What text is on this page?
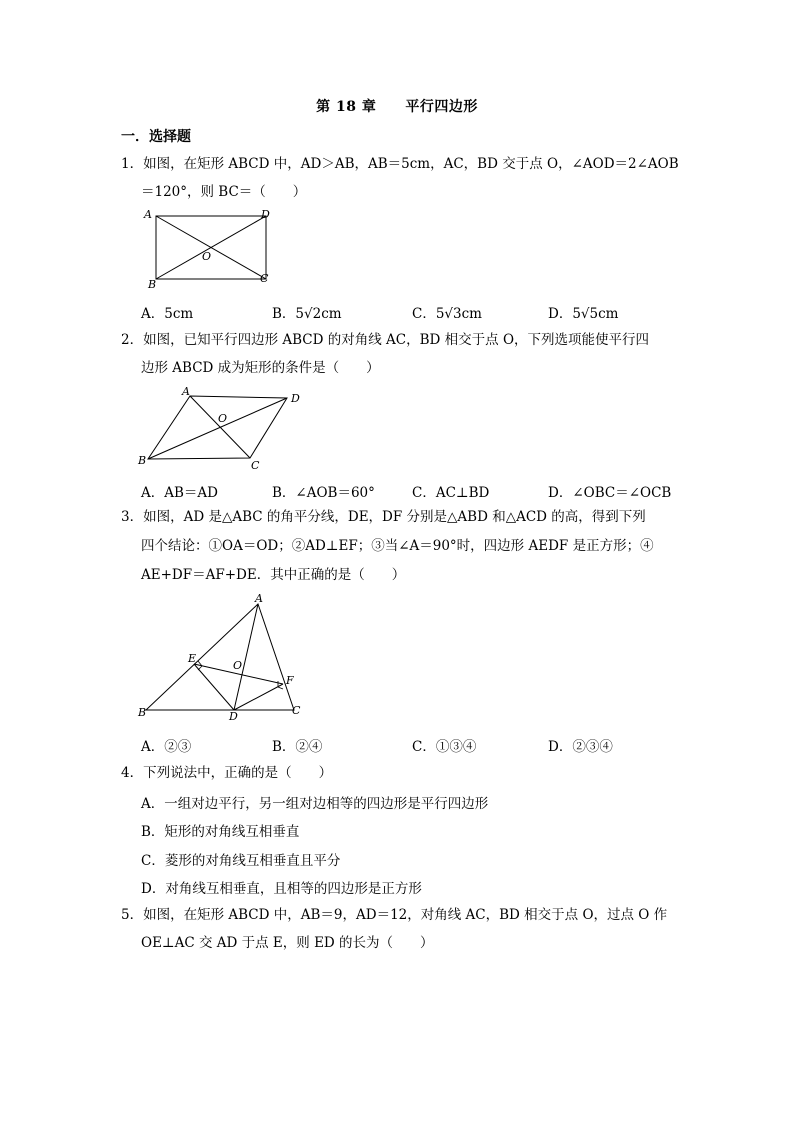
第 18 章　　平行四边形
一．选择题
1．如图，在矩形 ABCD 中，AD＞AB，AB＝5cm，AC，BD 交于点 O，∠AOD＝2∠AOB
＝120°，则 BC＝（　　）
A	D
B	C
O
A．5cm	B．5√2cm	C．5√3cm	D．5√5cm
2．如图，已知平行四边形 ABCD 的对角线 AC，BD 相交于点 O，下列选项能使平行四
边形 ABCD 成为矩形的条件是（　　）
A
D
B	C
O
A．AB＝AD	B．∠AOB＝60°	C．AC⊥BD	D．∠OBC＝∠OCB
3．如图，AD 是△ABC 的角平分线，DE，DF 分别是△ABD 和△ACD 的高，得到下列
四个结论：①OA＝OD；②AD⊥EF；③当∠A＝90°时，四边形 AEDF 是正方形；④
AE+DF＝AF+DE．其中正确的是（　　）
A
B	C
D
E
F
O
A．②③	B．②④	C．①③④	D．②③④
4．下列说法中，正确的是（　　）
A．一组对边平行，另一组对边相等的四边形是平行四边形
B．矩形的对角线互相垂直
C．菱形的对角线互相垂直且平分
D．对角线互相垂直，且相等的四边形是正方形
5．如图，在矩形 ABCD 中，AB＝9，AD＝12，对角线 AC，BD 相交于点 O，过点 O 作
OE⊥AC 交 AD 于点 E，则 ED 的长为（　　）
